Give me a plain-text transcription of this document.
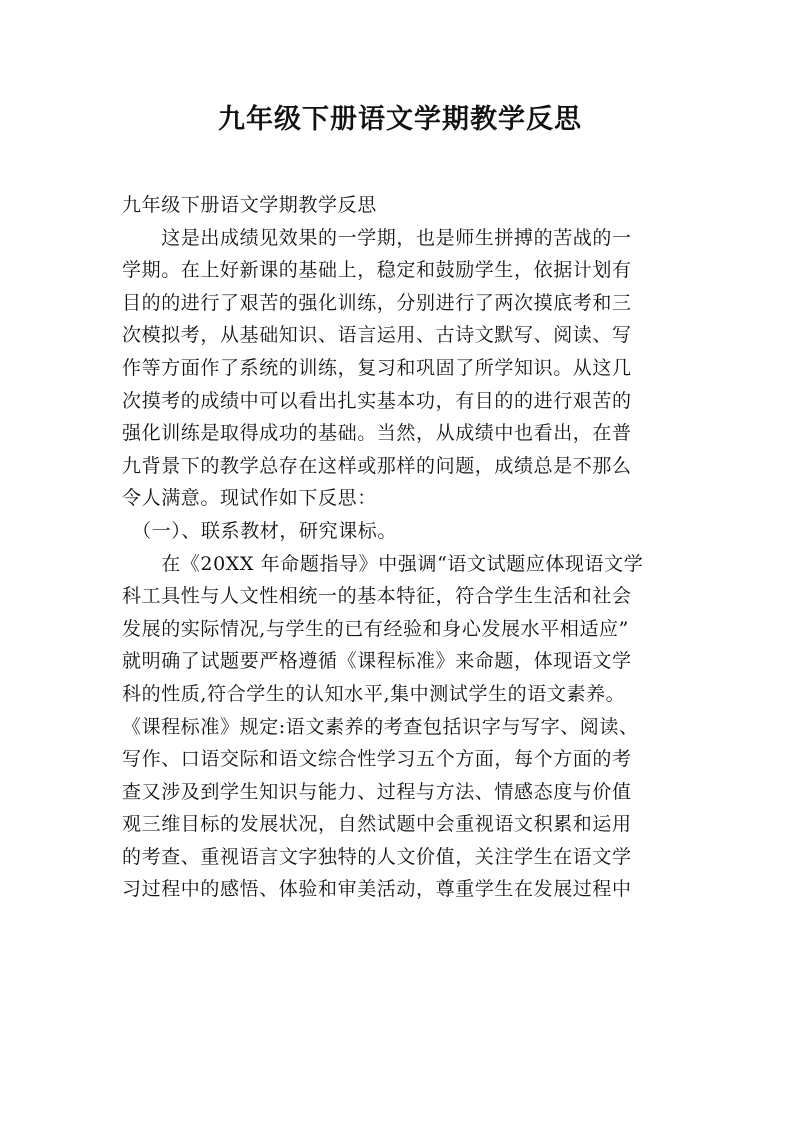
九年级下册语文学期教学反思
九年级下册语文学期教学反思
　　这是出成绩见效果的一学期，也是师生拼搏的苦战的一
学期。在上好新课的基础上，稳定和鼓励学生，依据计划有
目的的进行了艰苦的强化训练，分别进行了两次摸底考和三
次模拟考，从基础知识、语言运用、古诗文默写、阅读、写
作等方面作了系统的训练，复习和巩固了所学知识。从这几
次摸考的成绩中可以看出扎实基本功，有目的的进行艰苦的
强化训练是取得成功的基础。当然，从成绩中也看出，在普
九背景下的教学总存在这样或那样的问题，成绩总是不那么
令人满意。现试作如下反思：
　（一）、联系教材，研究课标。
　　在《20XX 年命题指导》中强调“语文试题应体现语文学
科工具性与人文性相统一的基本特征，符合学生生活和社会
发展的实际情况,与学生的已有经验和身心发展水平相适应”
就明确了试题要严格遵循《课程标准》来命题，体现语文学
科的性质,符合学生的认知水平,集中测试学生的语文素养。
《课程标准》规定:语文素养的考查包括识字与写字、阅读、
写作、口语交际和语文综合性学习五个方面，每个方面的考
查又涉及到学生知识与能力、过程与方法、情感态度与价值
观三维目标的发展状况，自然试题中会重视语文积累和运用
的考查、重视语言文字独特的人文价值，关注学生在语文学
习过程中的感悟、体验和审美活动，尊重学生在发展过程中
